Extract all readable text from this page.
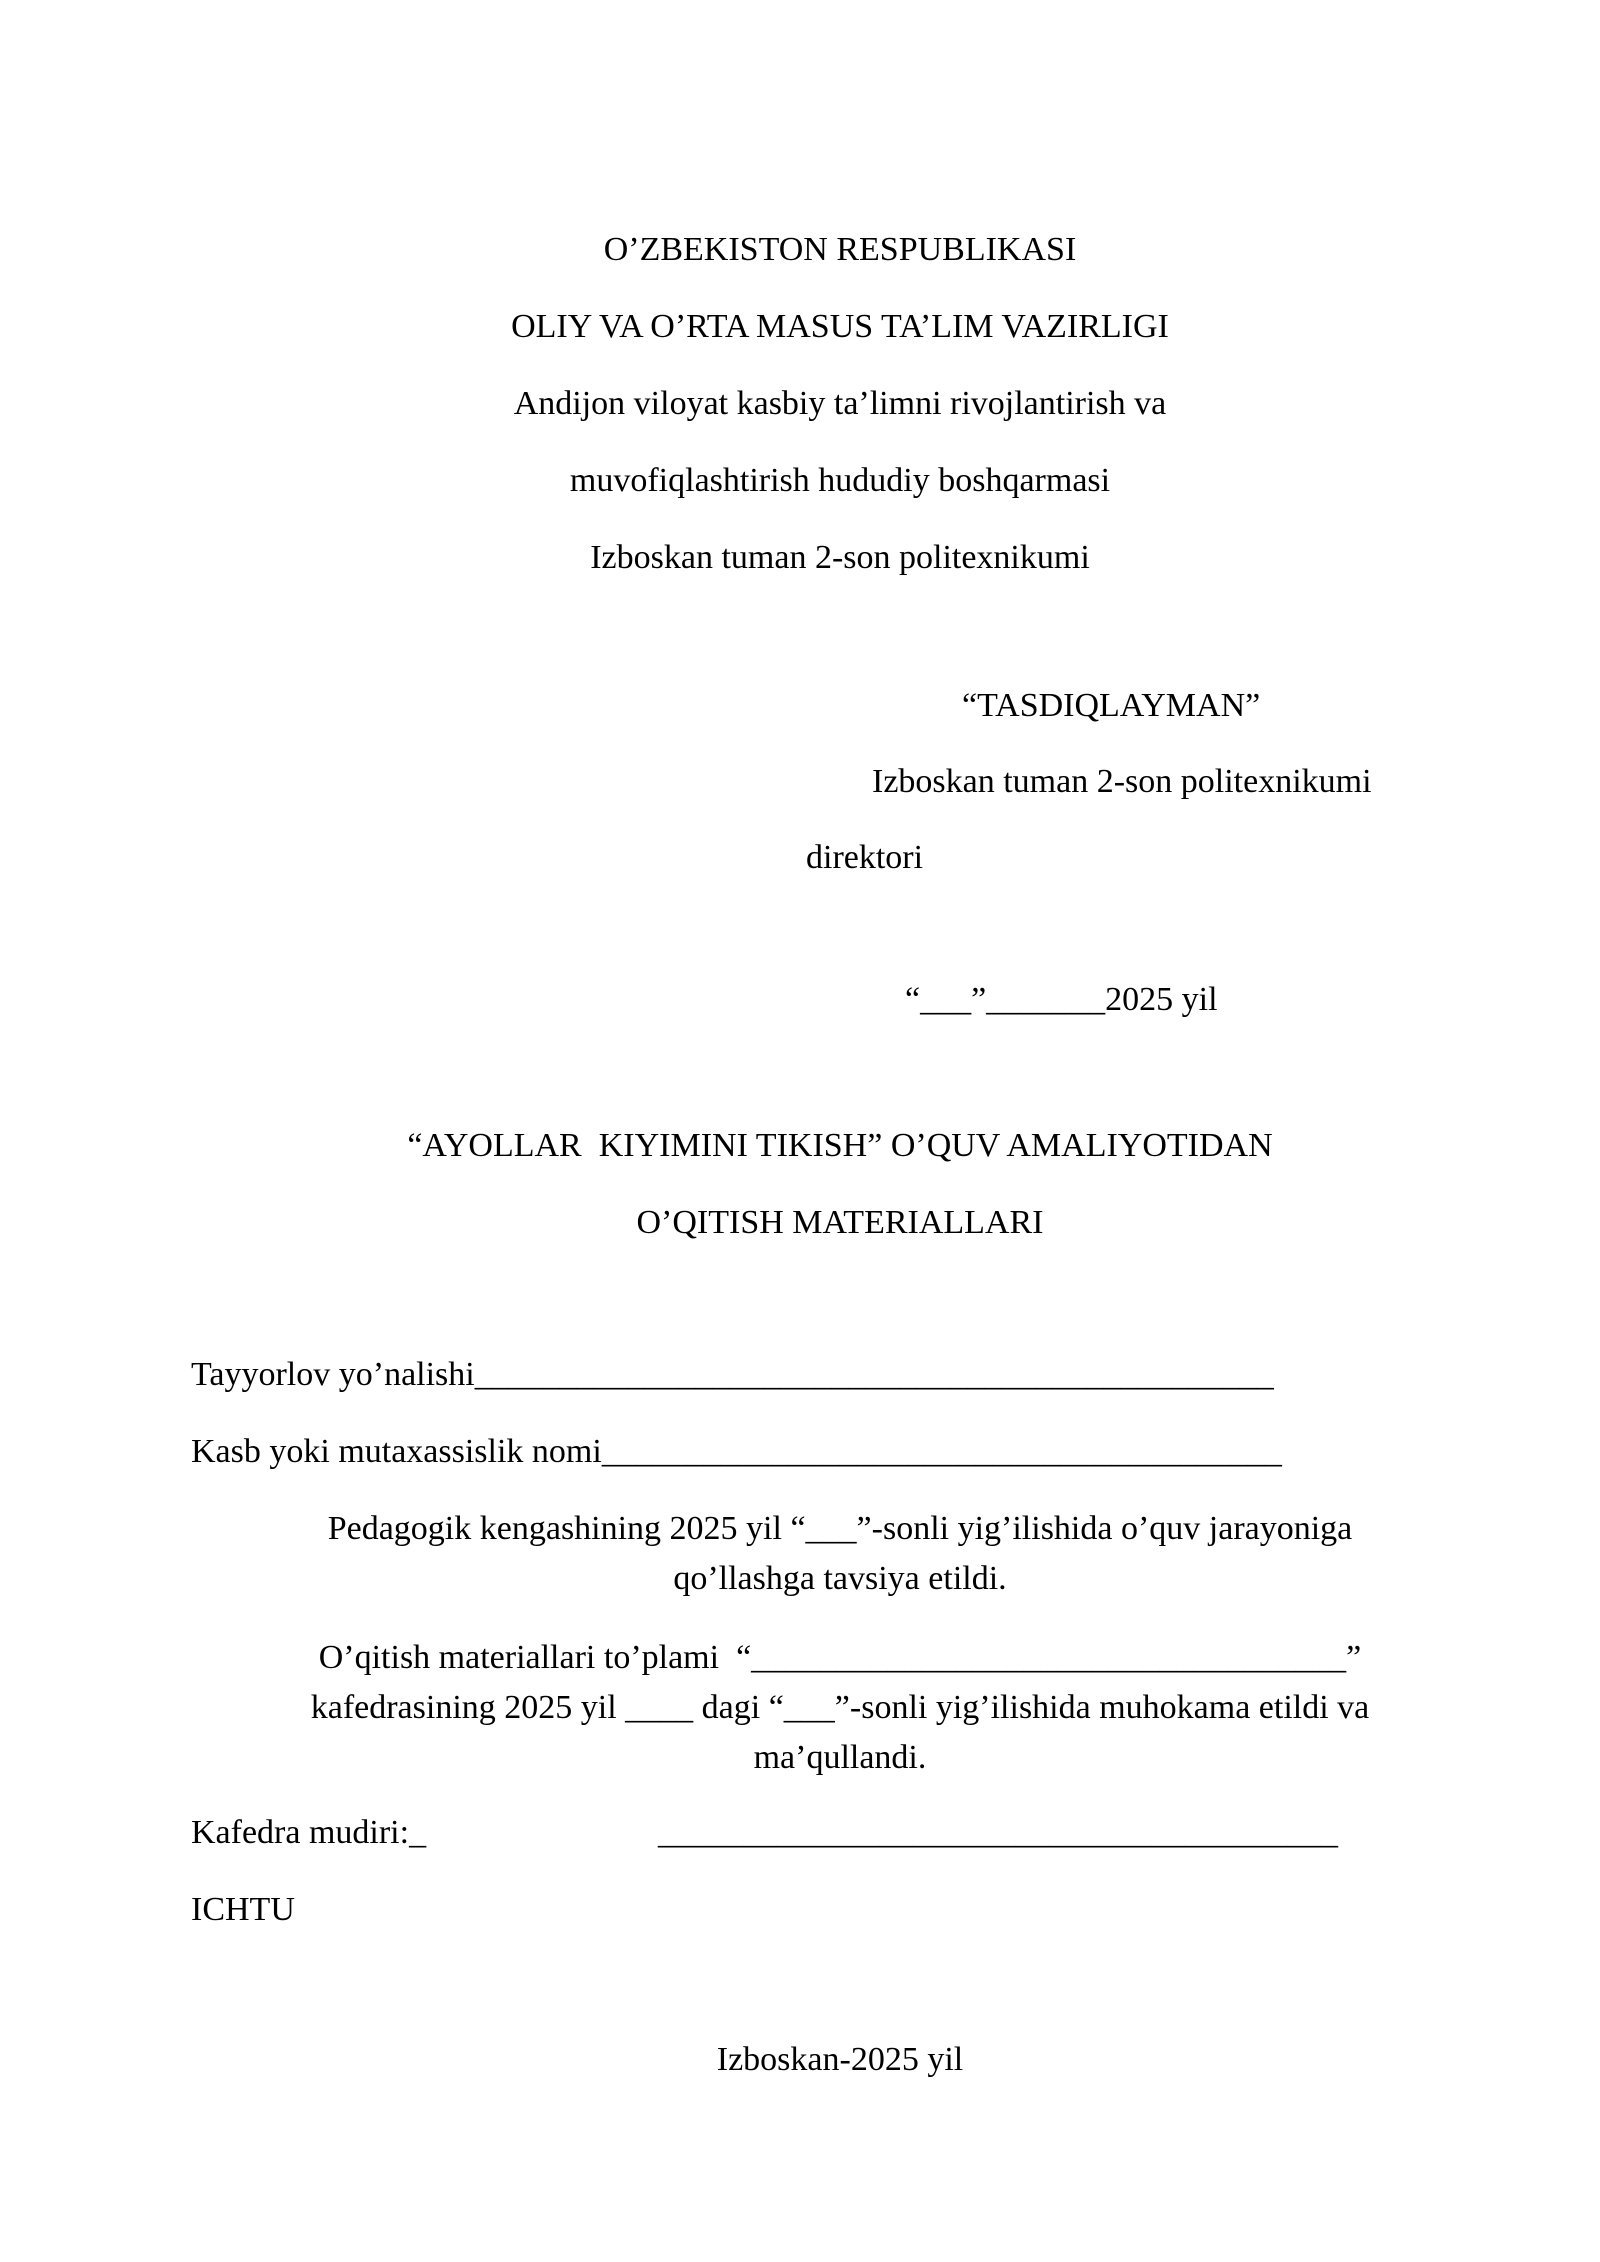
O’ZBEKISTON RESPUBLIKASI
OLIY VA O’RTA MASUS TA’LIM VAZIRLIGI
Andijon viloyat kasbiy ta’limni rivojlantirish va
muvofiqlashtirish hududiy boshqarmasi
Izboskan tuman 2-son politexnikumi
“TASDIQLAYMAN”
Izboskan tuman 2-son politexnikumi
direktori
“___”_______2025 yil
“AYOLLAR  KIYIMINI TIKISH” O’QUV AMALIYOTIDAN
O’QITISH MATERIALLARI
Tayyorlov yo’nalishi_______________________________________________
Kasb yoki mutaxassislik nomi________________________________________
Pedagogik kengashining 2025 yil “___”-sonli yig’ilishida o’quv jarayoniga
qo’llashga tavsiya etildi.
O’qitish materiallari to’plami  “___________________________________”
kafedrasining 2025 yil ____ dagi “___”-sonli yig’ilishida muhokama etildi va
ma’qullandi.
Kafedra mudiri:_	________________________________________
ICHTU
Izboskan-2025 yil
